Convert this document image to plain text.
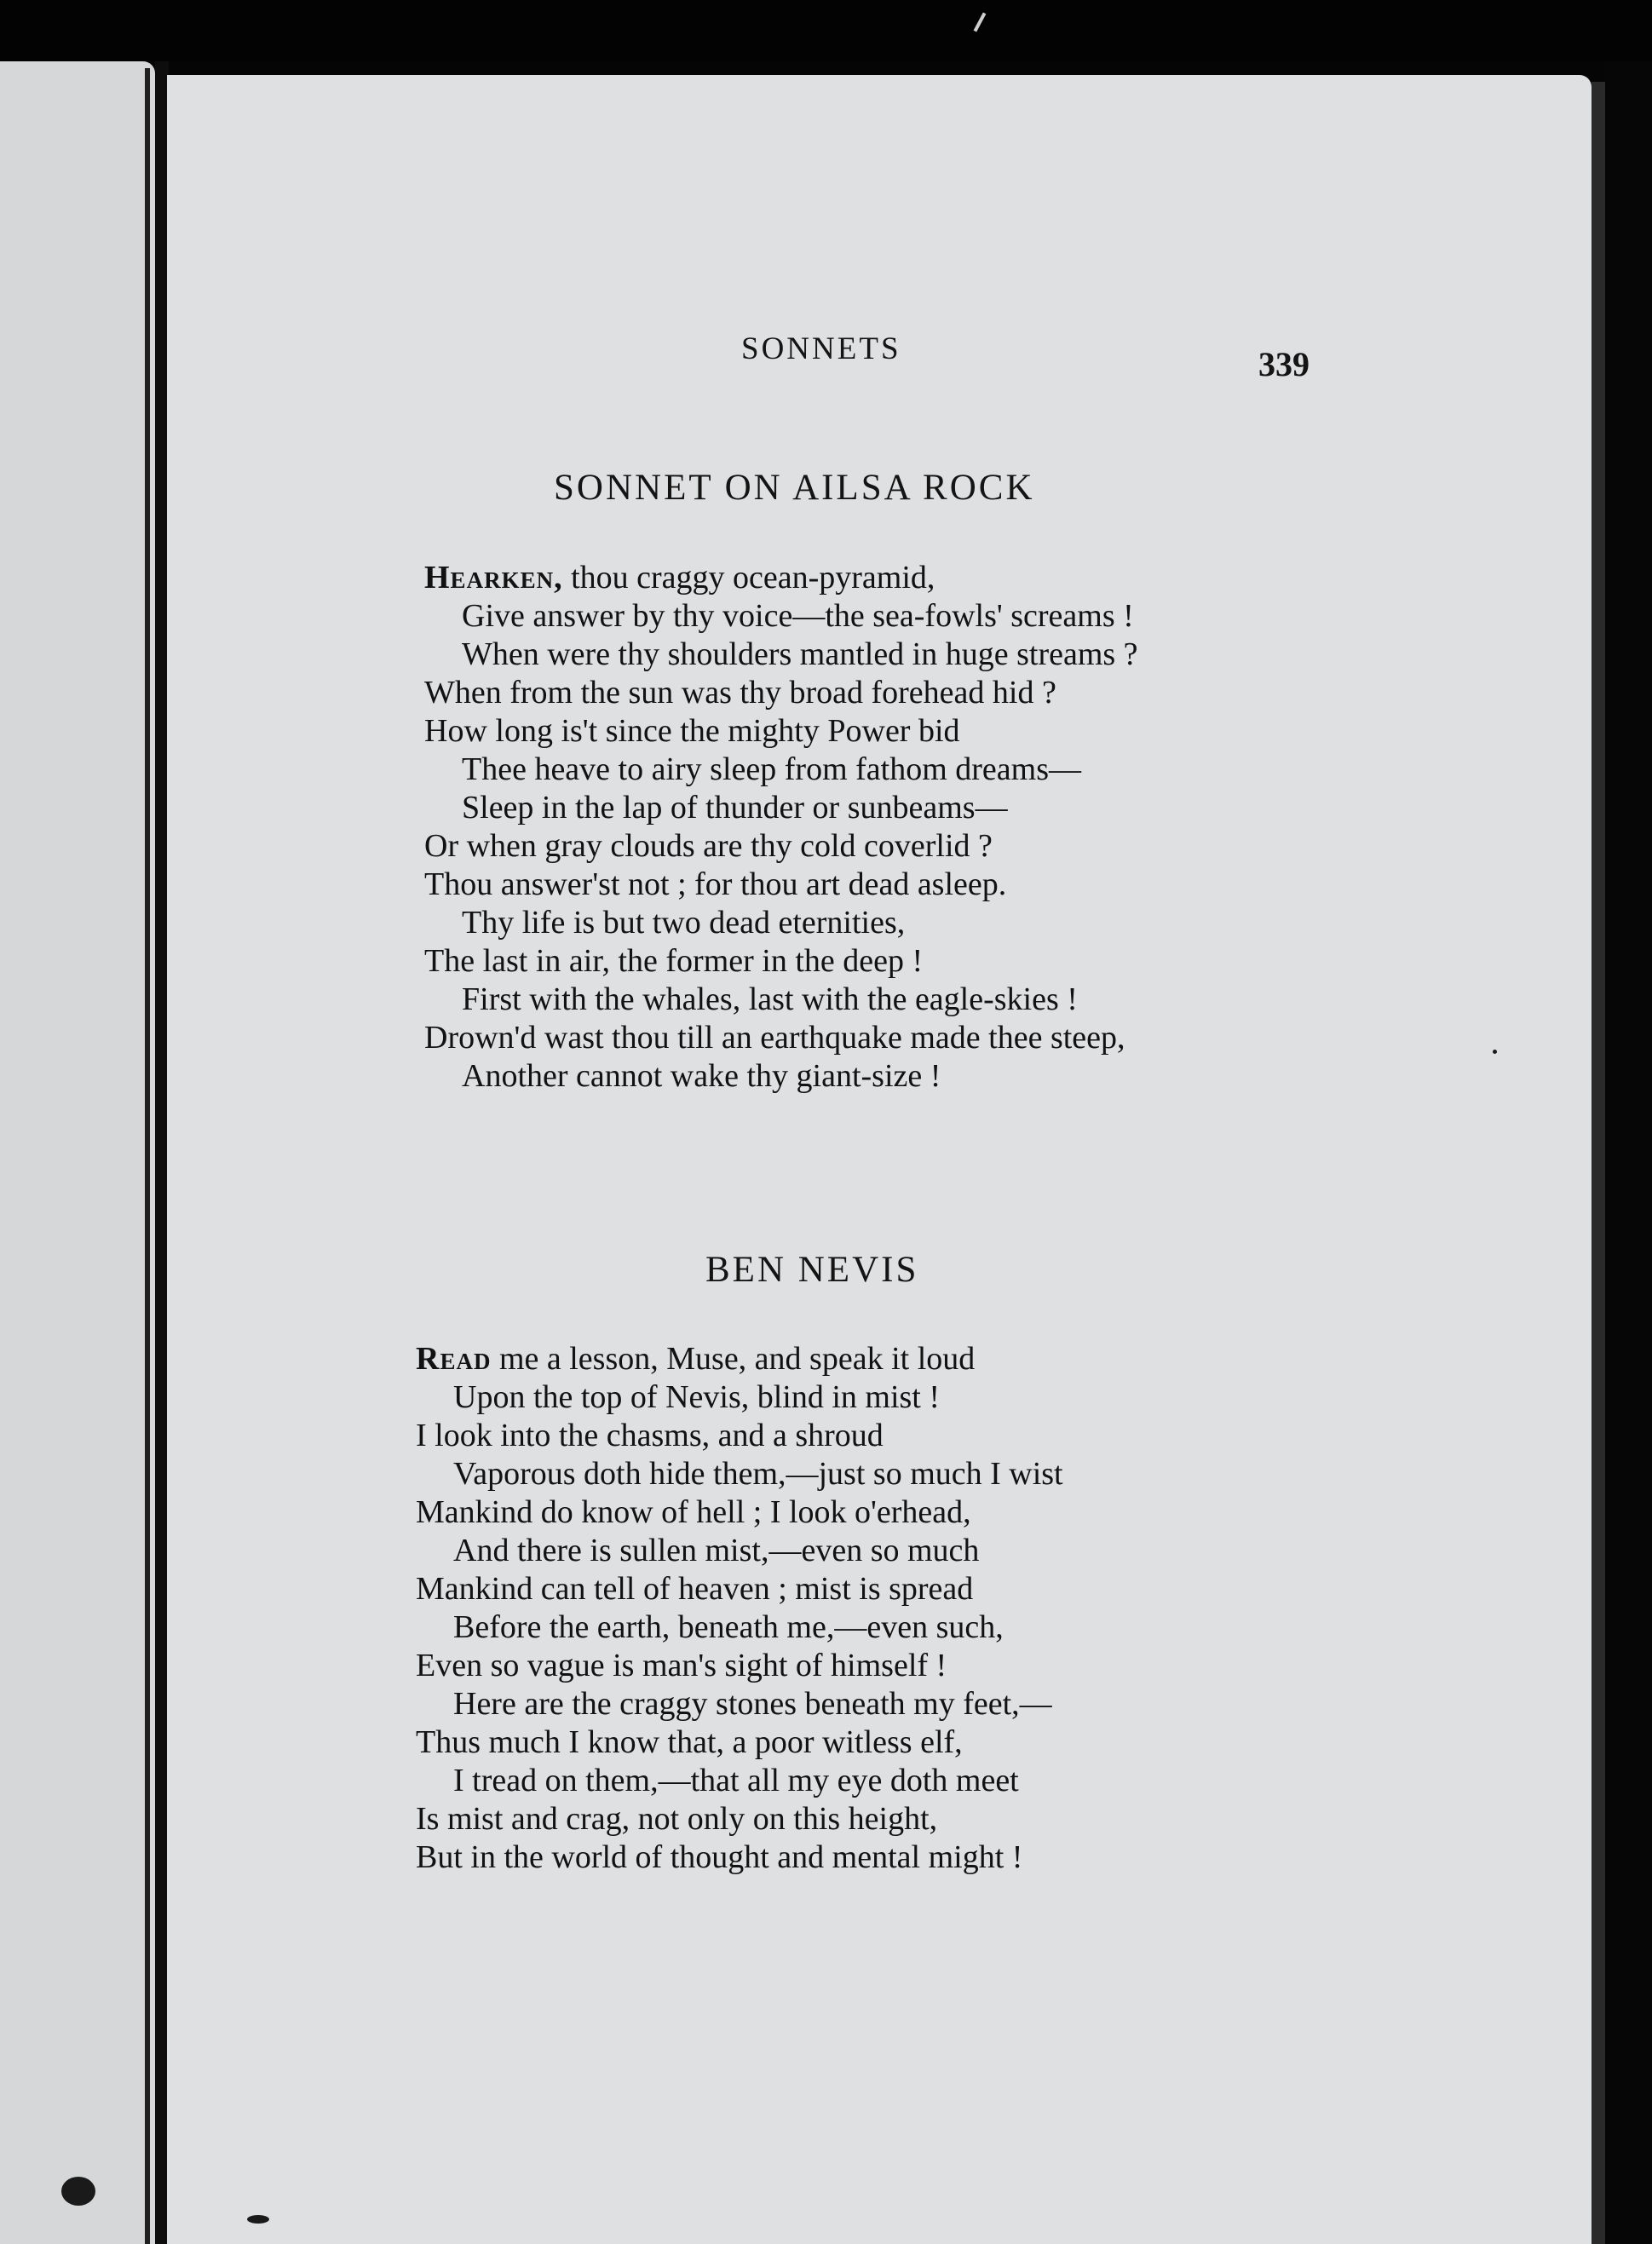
SONNETS	339
SONNET ON AILSA ROCK
Hearken, thou craggy ocean-pyramid,
Give answer by thy voice—the sea-fowls' screams !
When were thy shoulders mantled in huge streams ?
When from the sun was thy broad forehead hid ?
How long is't since the mighty Power bid
Thee heave to airy sleep from fathom dreams—
Sleep in the lap of thunder or sunbeams—
Or when gray clouds are thy cold coverlid ?
Thou answer'st not ; for thou art dead asleep.
Thy life is but two dead eternities,
The last in air, the former in the deep !
First with the whales, last with the eagle-skies !
Drown'd wast thou till an earthquake made thee steep,
Another cannot wake thy giant-size !
BEN NEVIS
Read me a lesson, Muse, and speak it loud
Upon the top of Nevis, blind in mist !
I look into the chasms, and a shroud
Vaporous doth hide them,—just so much I wist
Mankind do know of hell ; I look o'erhead,
And there is sullen mist,—even so much
Mankind can tell of heaven ; mist is spread
Before the earth, beneath me,—even such,
Even so vague is man's sight of himself !
Here are the craggy stones beneath my feet,—
Thus much I know that, a poor witless elf,
I tread on them,—that all my eye doth meet
Is mist and crag, not only on this height,
But in the world of thought and mental might !
